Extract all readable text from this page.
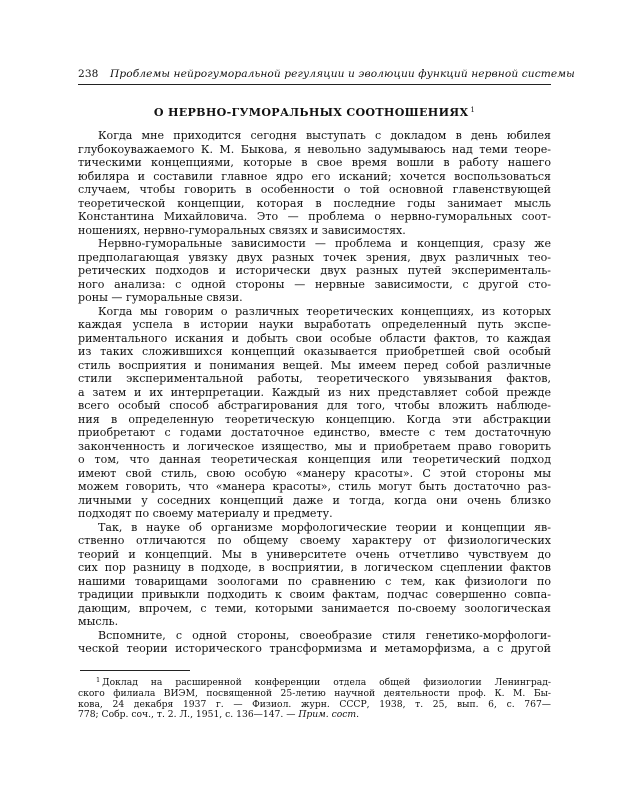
238 Проблемы нейрогуморальной регуляции и эволюции функций нервной системы
О НЕРВНО-ГУМОРАЛЬНЫХ СООТНОШЕНИЯХ $^1$
Когда мне приходится сегодня выступать с докладом в день юбилея
глубокоуважаемого К. М. Быкова, я невольно задумываюсь над теми теоре-
тическими концепциями, которые в свое время вошли в работу нашего
юбиляра и составили главное ядро его исканий; хочется воспользоваться
случаем, чтобы говорить в особенности о той основной главенствующей
теоретической концепции, которая в последние годы занимает мысль
Константина Михайловича. Это — проблема о нервно-гуморальных соот-
ношениях, нервно-гуморальных связях и зависимостях.
Нервно-гуморальные зависимости — проблема и концепция, сразу же
предполагающая увязку двух разных точек зрения, двух различных тео-
ретических подходов и исторически двух разных путей эксперименталь-
ного анализа: с одной стороны — нервные зависимости, с другой сто-
роны — гуморальные связи.
Когда мы говорим о различных теоретических концепциях, из которых
каждая успела в истории науки выработать определенный путь экспе-
риментального искания и добыть свои особые области фактов, то каждая
из таких сложившихся концепций оказывается приобретшей свой особый
стиль восприятия и понимания вещей. Мы имеем перед собой различные
стили экспериментальной работы, теоретического увязывания фактов,
а затем и их интерпретации. Каждый из них представляет собой прежде
всего особый способ абстрагирования для того, чтобы вложить наблюде-
ния в определенную теоретическую концепцию. Когда эти абстракции
приобретают с годами достаточное единство, вместе с тем достаточную
законченность и логическое изящество, мы и приобретаем право говорить
о том, что данная теоретическая концепция или теоретический подход
имеют свой стиль, свою особую «манеру красоты». С этой стороны мы
можем говорить, что «манера красоты», стиль могут быть достаточно раз-
личными у соседних концепций даже и тогда, когда они очень близко
подходят по своему материалу и предмету.
Так, в науке об организме морфологические теории и концепции яв-
ственно отличаются по общему своему характеру от физиологических
теорий и концепций. Мы в университете очень отчетливо чувствуем до
сих пор разницу в подходе, в восприятии, в логическом сцеплении фактов
нашими товарищами зоологами по сравнению с тем, как физиологи по
традиции привыкли подходить к своим фактам, подчас совершенно совпа-
дающим, впрочем, с теми, которыми занимается по-своему зоологическая
мысль.
Вспомните, с одной стороны, своеобразие стиля генетико-морфологи-
ческой теории исторического трансформизма и метаморфизма, а с другой
$^1$ Доклад на расширенной конференции отдела общей физиологии Ленинград-
ского филиала ВИЭМ, посвященной 25-летию научной деятельности проф. К. М. Бы-
кова, 24 декабря 1937 г. — Физиол. журн. СССР, 1938, т. 25, вып. 6, с. 767—
778; Собр. соч., т. 2. Л., 1951, с. 136—147. — Прим. сост.
